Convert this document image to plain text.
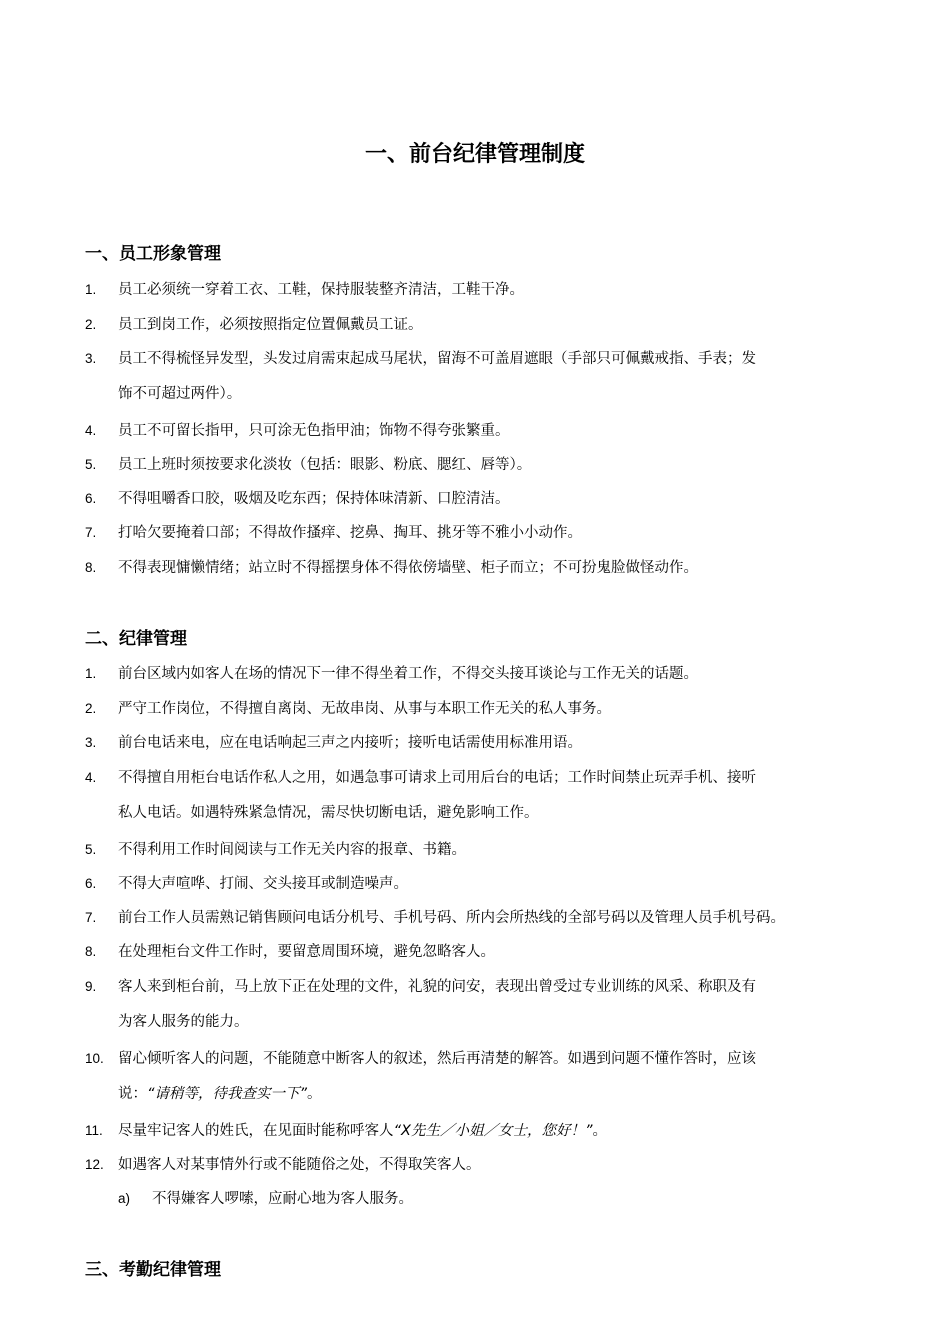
一、前台纪律管理制度
一、员工形象管理
1.	员工必须统一穿着工衣、工鞋，保持服装整齐清洁，工鞋干净。
2.	员工到岗工作，必须按照指定位置佩戴员工证。
3.	员工不得梳怪异发型，头发过肩需束起成马尾状，留海不可盖眉遮眼（手部只可佩戴戒指、手表；发
饰不可超过两件）。
4.	员工不可留长指甲，只可涂无色指甲油；饰物不得夸张繁重。
5.	员工上班时须按要求化淡妆（包括：眼影、粉底、腮红、唇等）。
6.	不得咀嚼香口胶，吸烟及吃东西；保持体味清新、口腔清洁。
7.	打哈欠要掩着口部；不得故作搔痒、挖鼻、掏耳、挑牙等不雅小小动作。
8.	不得表现慵懒情绪；站立时不得摇摆身体不得依傍墙壁、柜子而立；不可扮鬼脸做怪动作。
二、纪律管理
1.	前台区域内如客人在场的情况下一律不得坐着工作，不得交头接耳谈论与工作无关的话题。
2.	严守工作岗位，不得擅自离岗、无故串岗、从事与本职工作无关的私人事务。
3.	前台电话来电，应在电话响起三声之内接听；接听电话需使用标准用语。
4.	不得擅自用柜台电话作私人之用，如遇急事可请求上司用后台的电话；工作时间禁止玩弄手机、接听
私人电话。如遇特殊紧急情况，需尽快切断电话，避免影响工作。
5.	不得利用工作时间阅读与工作无关内容的报章、书籍。
6.	不得大声喧哗、打闹、交头接耳或制造噪声。
7.	前台工作人员需熟记销售顾问电话分机号、手机号码、所内会所热线的全部号码以及管理人员手机号码。
8.	在处理柜台文件工作时，要留意周围环境，避免忽略客人。
9.	客人来到柜台前，马上放下正在处理的文件，礼貌的问安，表现出曾受过专业训练的风采、称职及有
为客人服务的能力。
10. 留心倾听客人的问题，不能随意中断客人的叙述，然后再清楚的解答。如遇到问题不懂作答时，应该
说：“请稍等，待我查实一下”。
11.	尽量牢记客人的姓氏，在见面时能称呼客人“X先生／小姐／女士，您好！”。
12. 如遇客人对某事情外行或不能随俗之处，不得取笑客人。
a)	不得嫌客人啰嗦，应耐心地为客人服务。
三、考勤纪律管理
